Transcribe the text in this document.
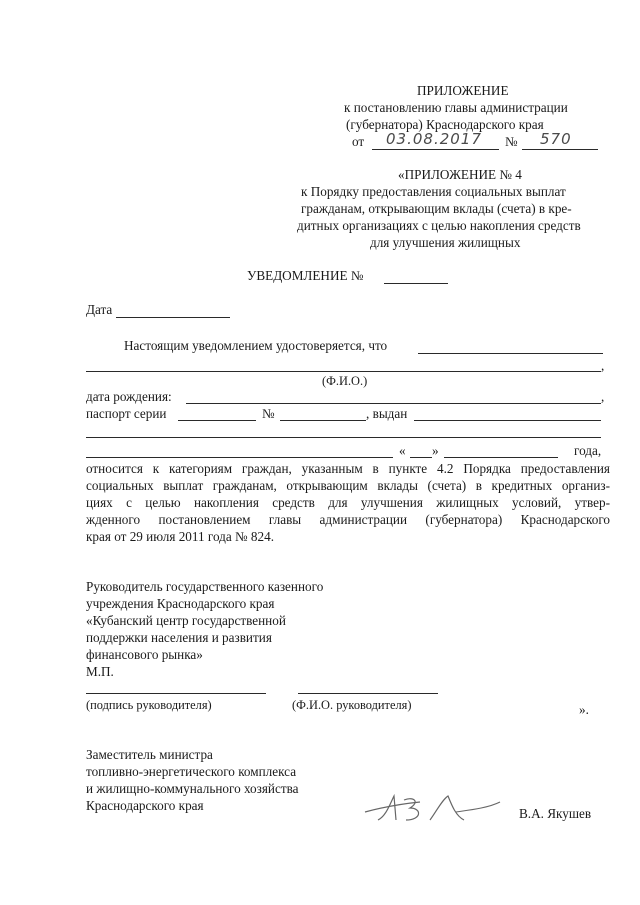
ПРИЛОЖЕНИЕ
к постановлению главы администрации
(губернатора) Краснодарского края
от 03.08.2017 № 570
«ПРИЛОЖЕНИЕ № 4
к Порядку предоставления социальных выплат
гражданам, открывающим вклады (счета) в кре-
дитных организациях с целью накопления средств
для улучшения жилищных
УВЕДОМЛЕНИЕ №
Дата
Настоящим уведомлением удостоверяется, что
,
(Ф.И.О.)
дата рождения:	,
паспорт серии	№	, выдан
« »	года,
относится к категориям граждан, указанным в пункте 4.2 Порядка предоставления
социальных выплат гражданам, открывающим вклады (счета) в кредитных организ-
циях с целью накопления средств для улучшения жилищных условий, утвер-
жденного постановлением главы администрации (губернатора) Краснодарского
края от 29 июля 2011 года № 824.
Руководитель государственного казенного
учреждения Краснодарского края
«Кубанский центр государственной
поддержки населения и развития
финансового рынка»
М.П.
(подпись руководителя)	(Ф.И.О. руководителя)	».
Заместитель министра
топливно-энергетического комплекса
и жилищно-коммунального хозяйства
Краснодарского края
В.А. Якушев
